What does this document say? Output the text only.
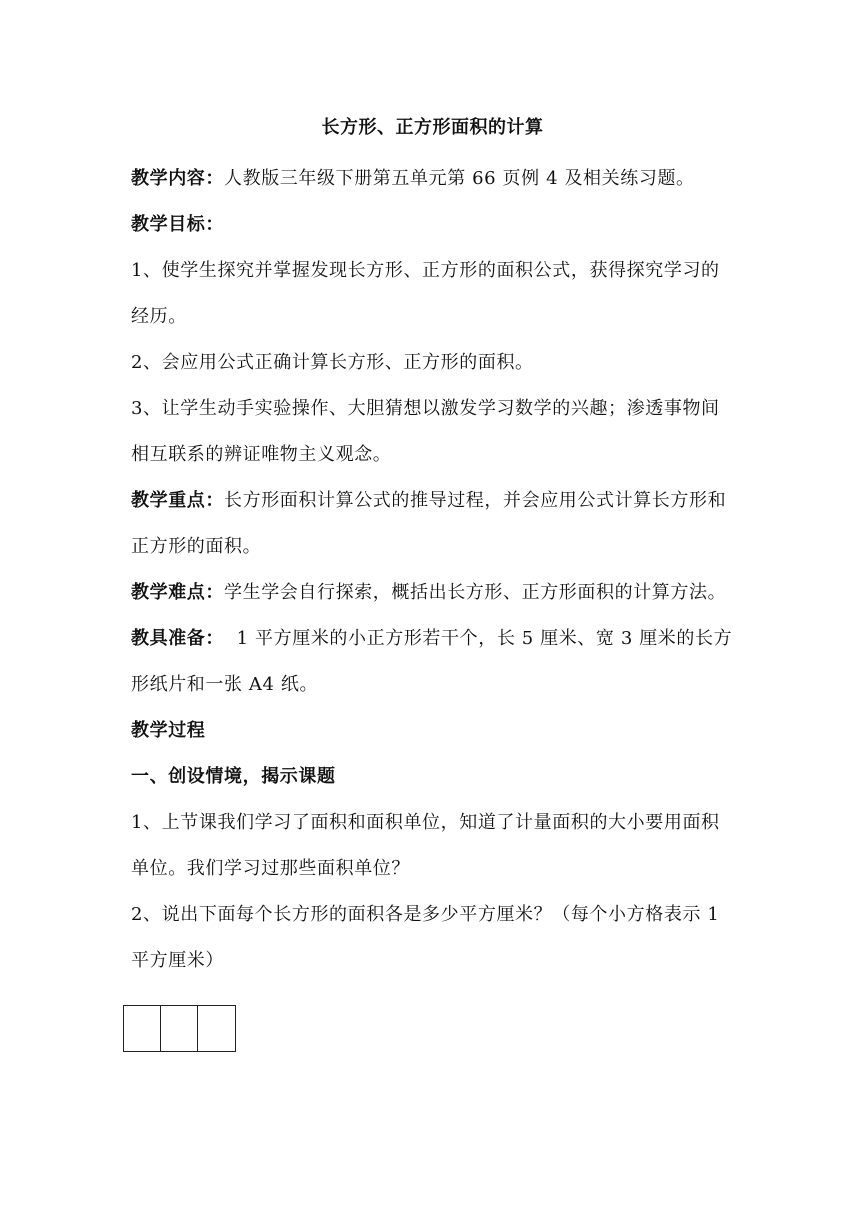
长方形、正方形面积的计算

教学内容：人教版三年级下册第五单元第 66 页例 4 及相关练习题。

教学目标：

1、使学生探究并掌握发现长方形、正方形的面积公式，获得探究学习的经历。

2、会应用公式正确计算长方形、正方形的面积。

3、让学生动手实验操作、大胆猜想以激发学习数学的兴趣；渗透事物间相互联系的辨证唯物主义观念。

教学重点：长方形面积计算公式的推导过程，并会应用公式计算长方形和正方形的面积。

教学难点：学生学会自行探索，概括出长方形、正方形面积的计算方法。

教具准备：  1 平方厘米的小正方形若干个，长 5 厘米、宽 3 厘米的长方形纸片和一张 A4 纸。

教学过程

一、创设情境，揭示课题

1、上节课我们学习了面积和面积单位，知道了计量面积的大小要用面积单位。我们学习过那些面积单位？

2、说出下面每个长方形的面积各是多少平方厘米？（每个小方格表示 1 平方厘米）
